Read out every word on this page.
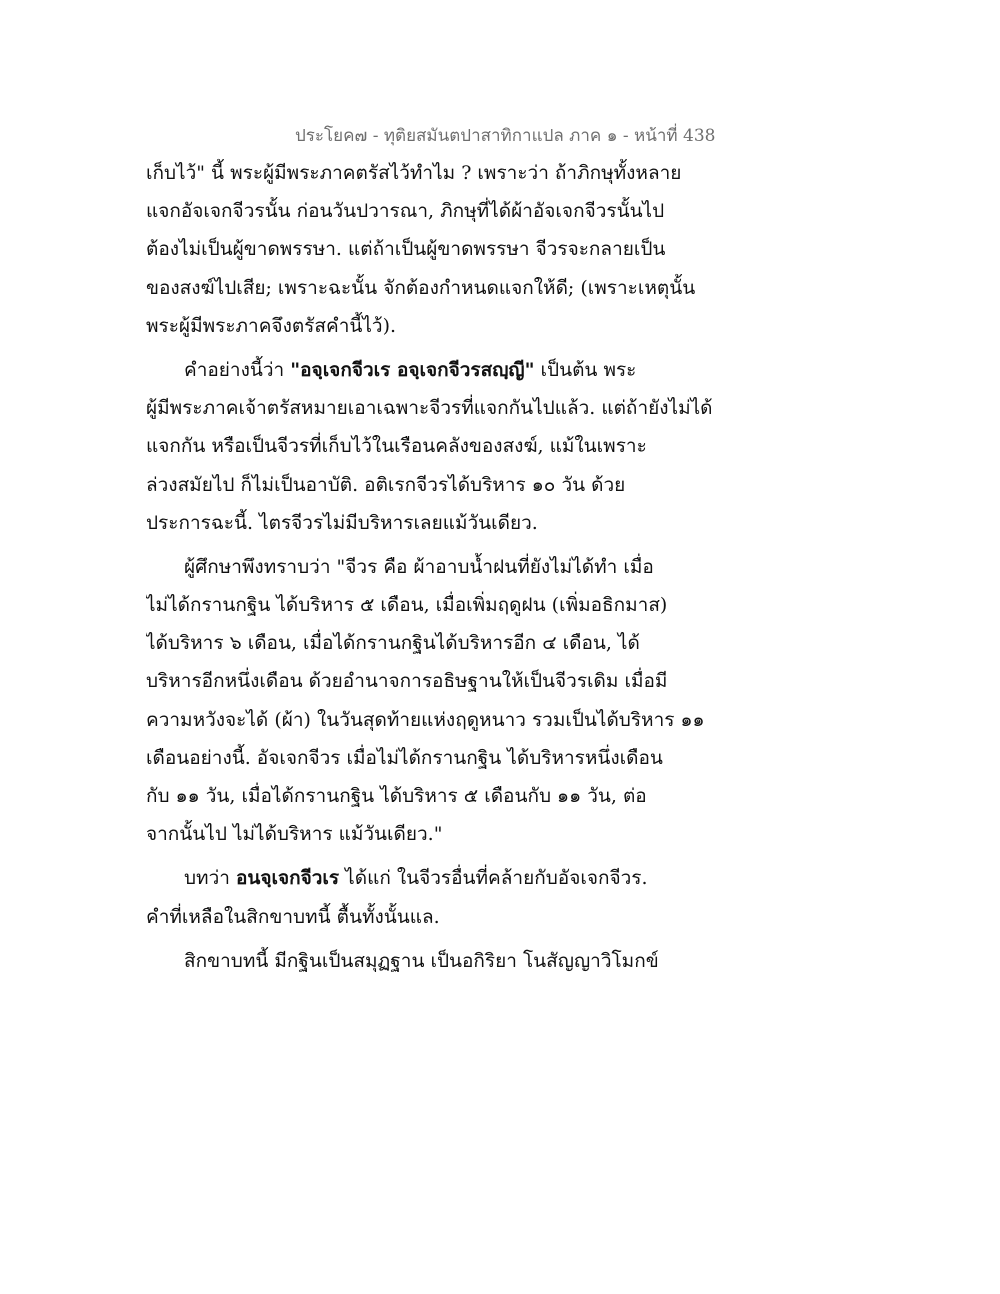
ประโยค๗ - ทุติยสมันตปาสาทิกาแปล ภาค ๑ - หน้าที่ 438
เก็บไว้" นี้ พระผู้มีพระภาคตรัสไว้ทำไม ? เพราะว่า ถ้าภิกษุทั้งหลาย
แจกอัจเจกจีวรนั้น ก่อนวันปวารณา, ภิกษุที่ได้ผ้าอัจเจกจีวรนั้นไป
ต้องไม่เป็นผู้ขาดพรรษา. แต่ถ้าเป็นผู้ขาดพรรษา จีวรจะกลายเป็น
ของสงฆ์ไปเสีย; เพราะฉะนั้น จักต้องกำหนดแจกให้ดี; (เพราะเหตุนั้น
พระผู้มีพระภาคจึงตรัสคำนี้ไว้).
คำอย่างนี้ว่า "อจฺเจกจีวเร อจฺเจกจีวรสญฺญี" เป็นต้น พระ
ผู้มีพระภาคเจ้าตรัสหมายเอาเฉพาะจีวรที่แจกกันไปแล้ว. แต่ถ้ายังไม่ได้
แจกกัน หรือเป็นจีวรที่เก็บไว้ในเรือนคลังของสงฆ์, แม้ในเพราะ
ล่วงสมัยไป ก็ไม่เป็นอาบัติ. อติเรกจีวรได้บริหาร ๑๐ วัน ด้วย
ประการฉะนี้. ไตรจีวรไม่มีบริหารเลยแม้วันเดียว.
ผู้ศึกษาพึงทราบว่า "จีวร คือ ผ้าอาบน้ำฝนที่ยังไม่ได้ทำ เมื่อ
ไม่ได้กรานกฐิน ได้บริหาร ๕ เดือน, เมื่อเพิ่มฤดูฝน (เพิ่มอธิกมาส)
ได้บริหาร ๖ เดือน, เมื่อได้กรานกฐินได้บริหารอีก ๔ เดือน, ได้
บริหารอีกหนึ่งเดือน ด้วยอำนาจการอธิษฐานให้เป็นจีวรเดิม เมื่อมี
ความหวังจะได้ (ผ้า) ในวันสุดท้ายแห่งฤดูหนาว รวมเป็นได้บริหาร ๑๑
เดือนอย่างนี้. อัจเจกจีวร เมื่อไม่ได้กรานกฐิน ได้บริหารหนึ่งเดือน
กับ ๑๑ วัน, เมื่อได้กรานกฐิน ได้บริหาร ๕ เดือนกับ ๑๑ วัน, ต่อ
จากนั้นไป ไม่ได้บริหาร แม้วันเดียว."
บทว่า อนจฺเจกจีวเร ได้แก่ ในจีวรอื่นที่คล้ายกับอัจเจกจีวร.
คำที่เหลือในสิกขาบทนี้ ตื้นทั้งนั้นแล.
สิกขาบทนี้ มีกฐินเป็นสมุฏฐาน เป็นอกิริยา โนสัญญาวิโมกข์
